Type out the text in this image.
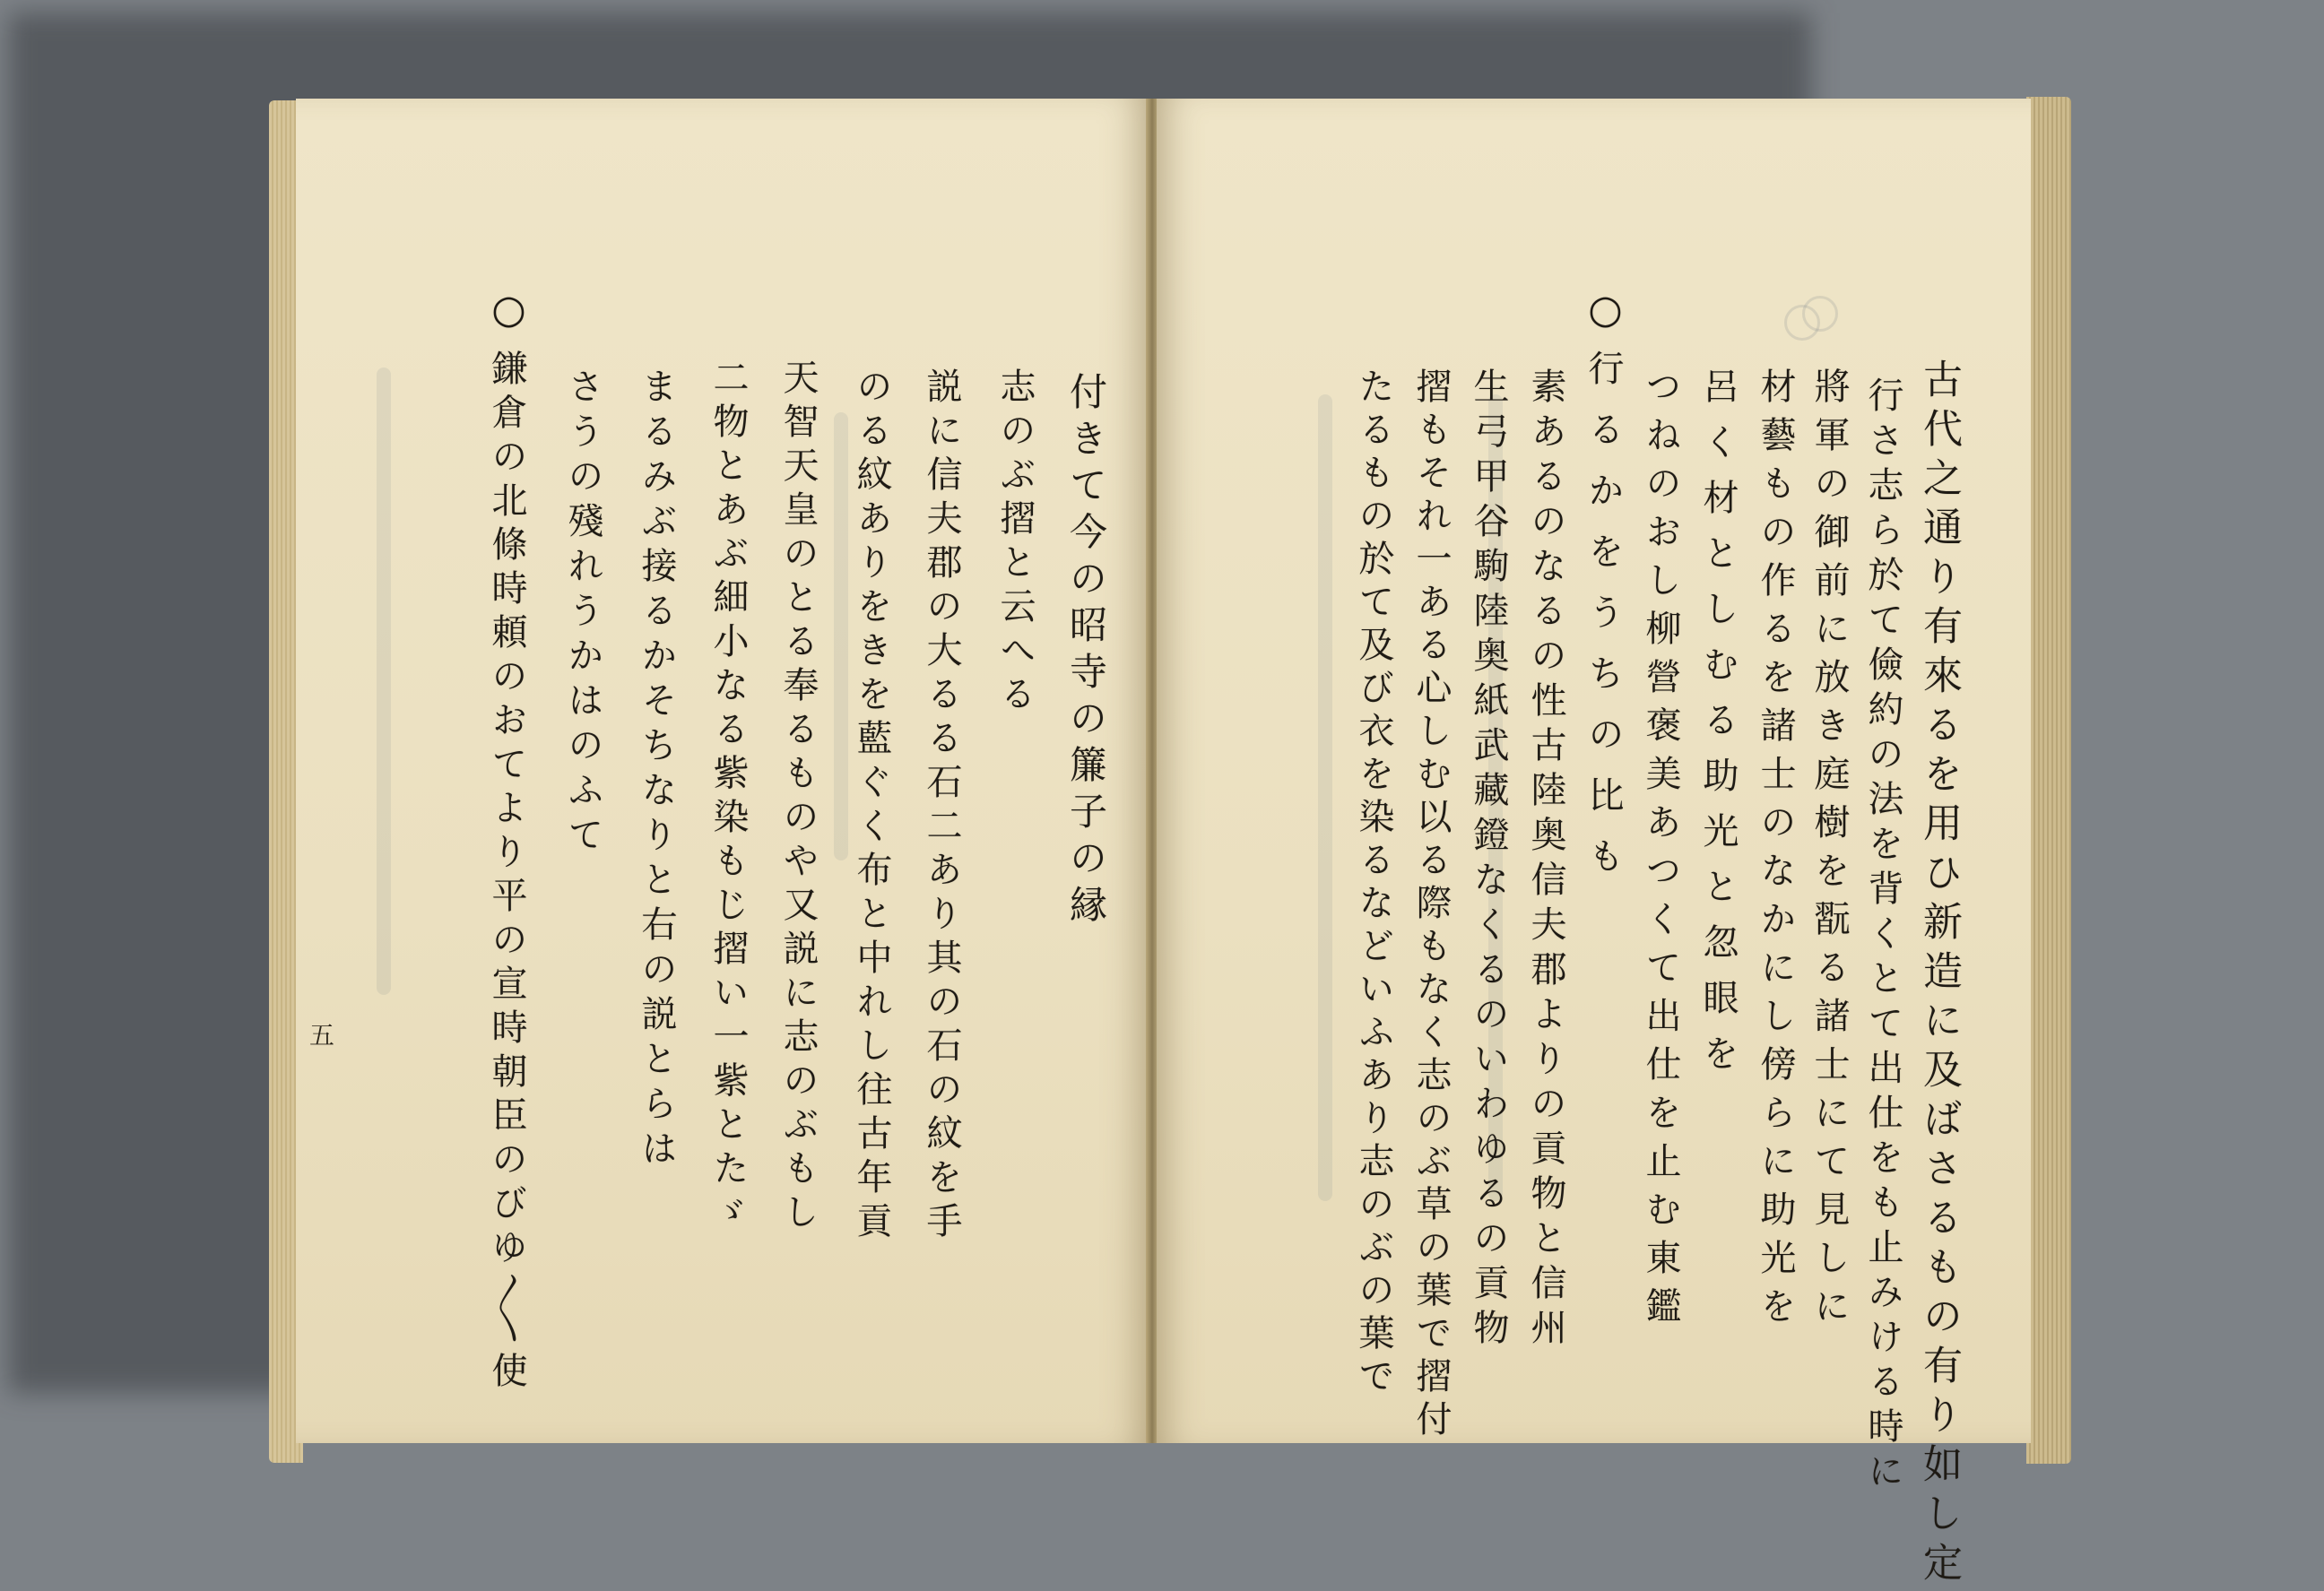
○
鎌倉の北條時頼のおてより平の宣時朝臣のびゆ〳〵使 さうの殘れうかはのふて まるみぶ接るかそちなりと右の説とらは 二物とあぶ細小なる紫染もじ摺い一紫とたゞ 天智天皇のとる奉るものや又説に志のぶもし のる紋ありをきを藍ぐく布と中れし往古年貢 説に信夫郡の大るる石二あり其の石の紋を手 志のぶ摺と云へる 付きて今の昭寺の簾子の縁
五	古代之通り有來るを用ひ新造に及ばさるもの有り如し定
行さ志ら於て儉約の法を背くとて出仕をも止みける時に
將軍の御前に放き庭樹を翫る諸士にて見しに
材藝もの作るを諸士のなかにし傍らに助光を
呂く材としむる助光と忽眼を
つねのおし柳營褒美あつくて出仕を止む東鑑
○
行るかをうちの比も
素あるのなるの性古陸奥信夫郡よりの貢物と信州
生弓甲谷駒陸奥紙武藏鐙なくるのいわゆるの貢物
摺もそれ一ある心しむ以る際もなく志のぶ草の葉で摺付
たるもの於て及び衣を染るなどいふあり志のぶの葉で
